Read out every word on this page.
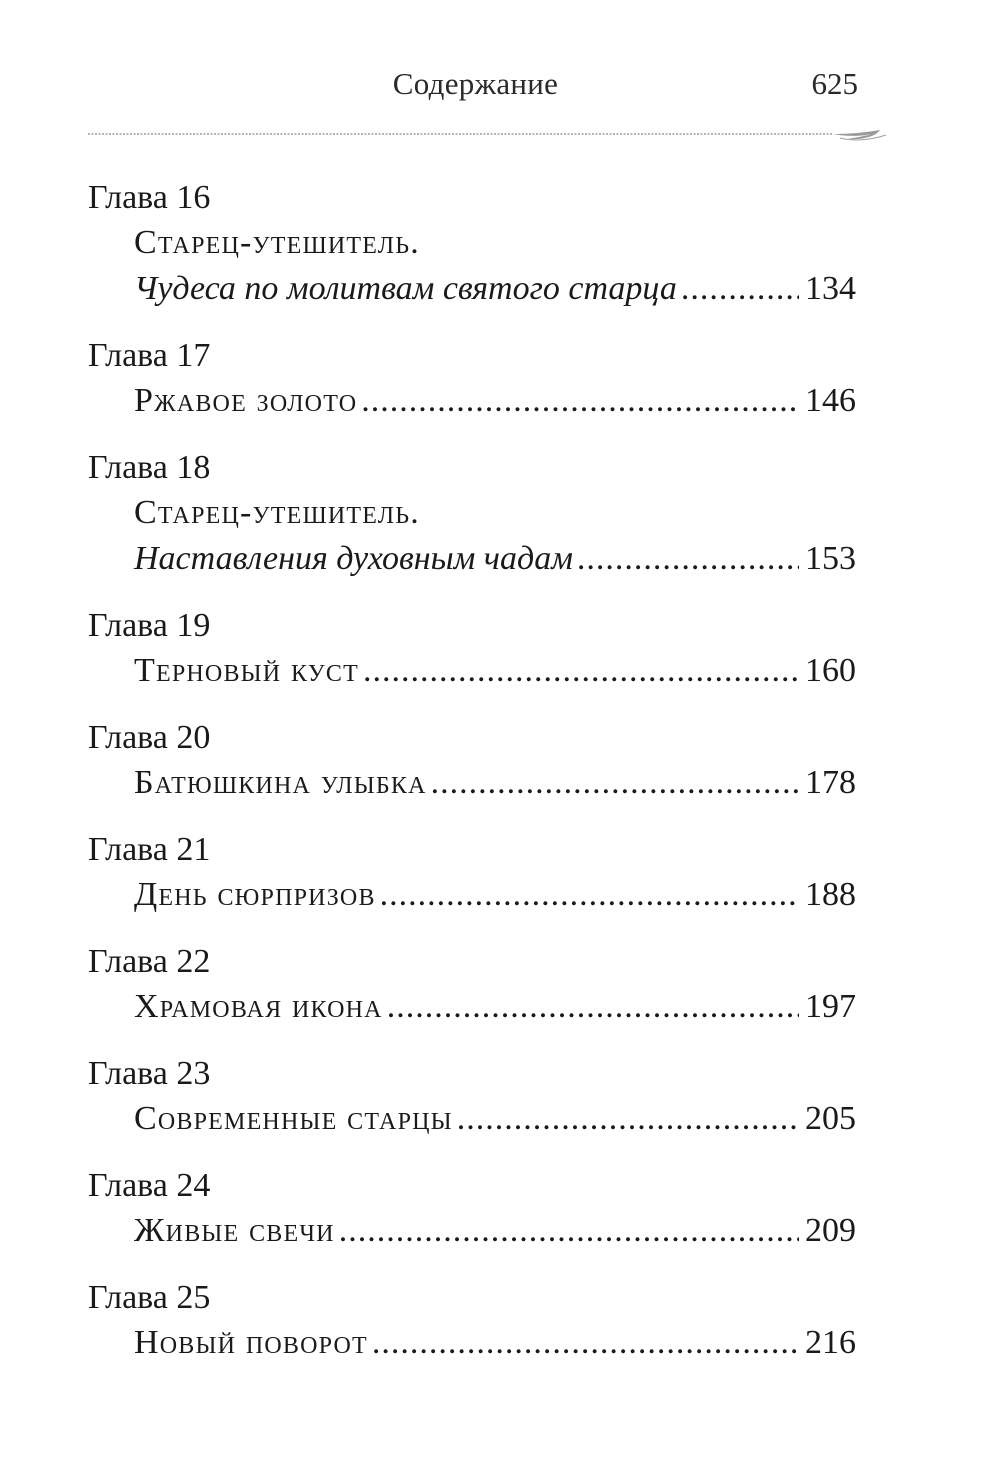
Содержание	625
Глава 16
Старец-утешитель.
Чудеса по молитвам святого старца .....	134
Глава 17
Ржавое золото .....	146
Глава 18
Старец-утешитель.
Наставления духовным чадам .....	153
Глава 19
Терновый куст .....	160
Глава 20
Батюшкина улыбка .....	178
Глава 21
День сюрпризов .....	188
Глава 22
Храмовая икона .....	197
Глава 23
Современные старцы .....	205
Глава 24
Живые свечи .....	209
Глава 25
Новый поворот .....	216
